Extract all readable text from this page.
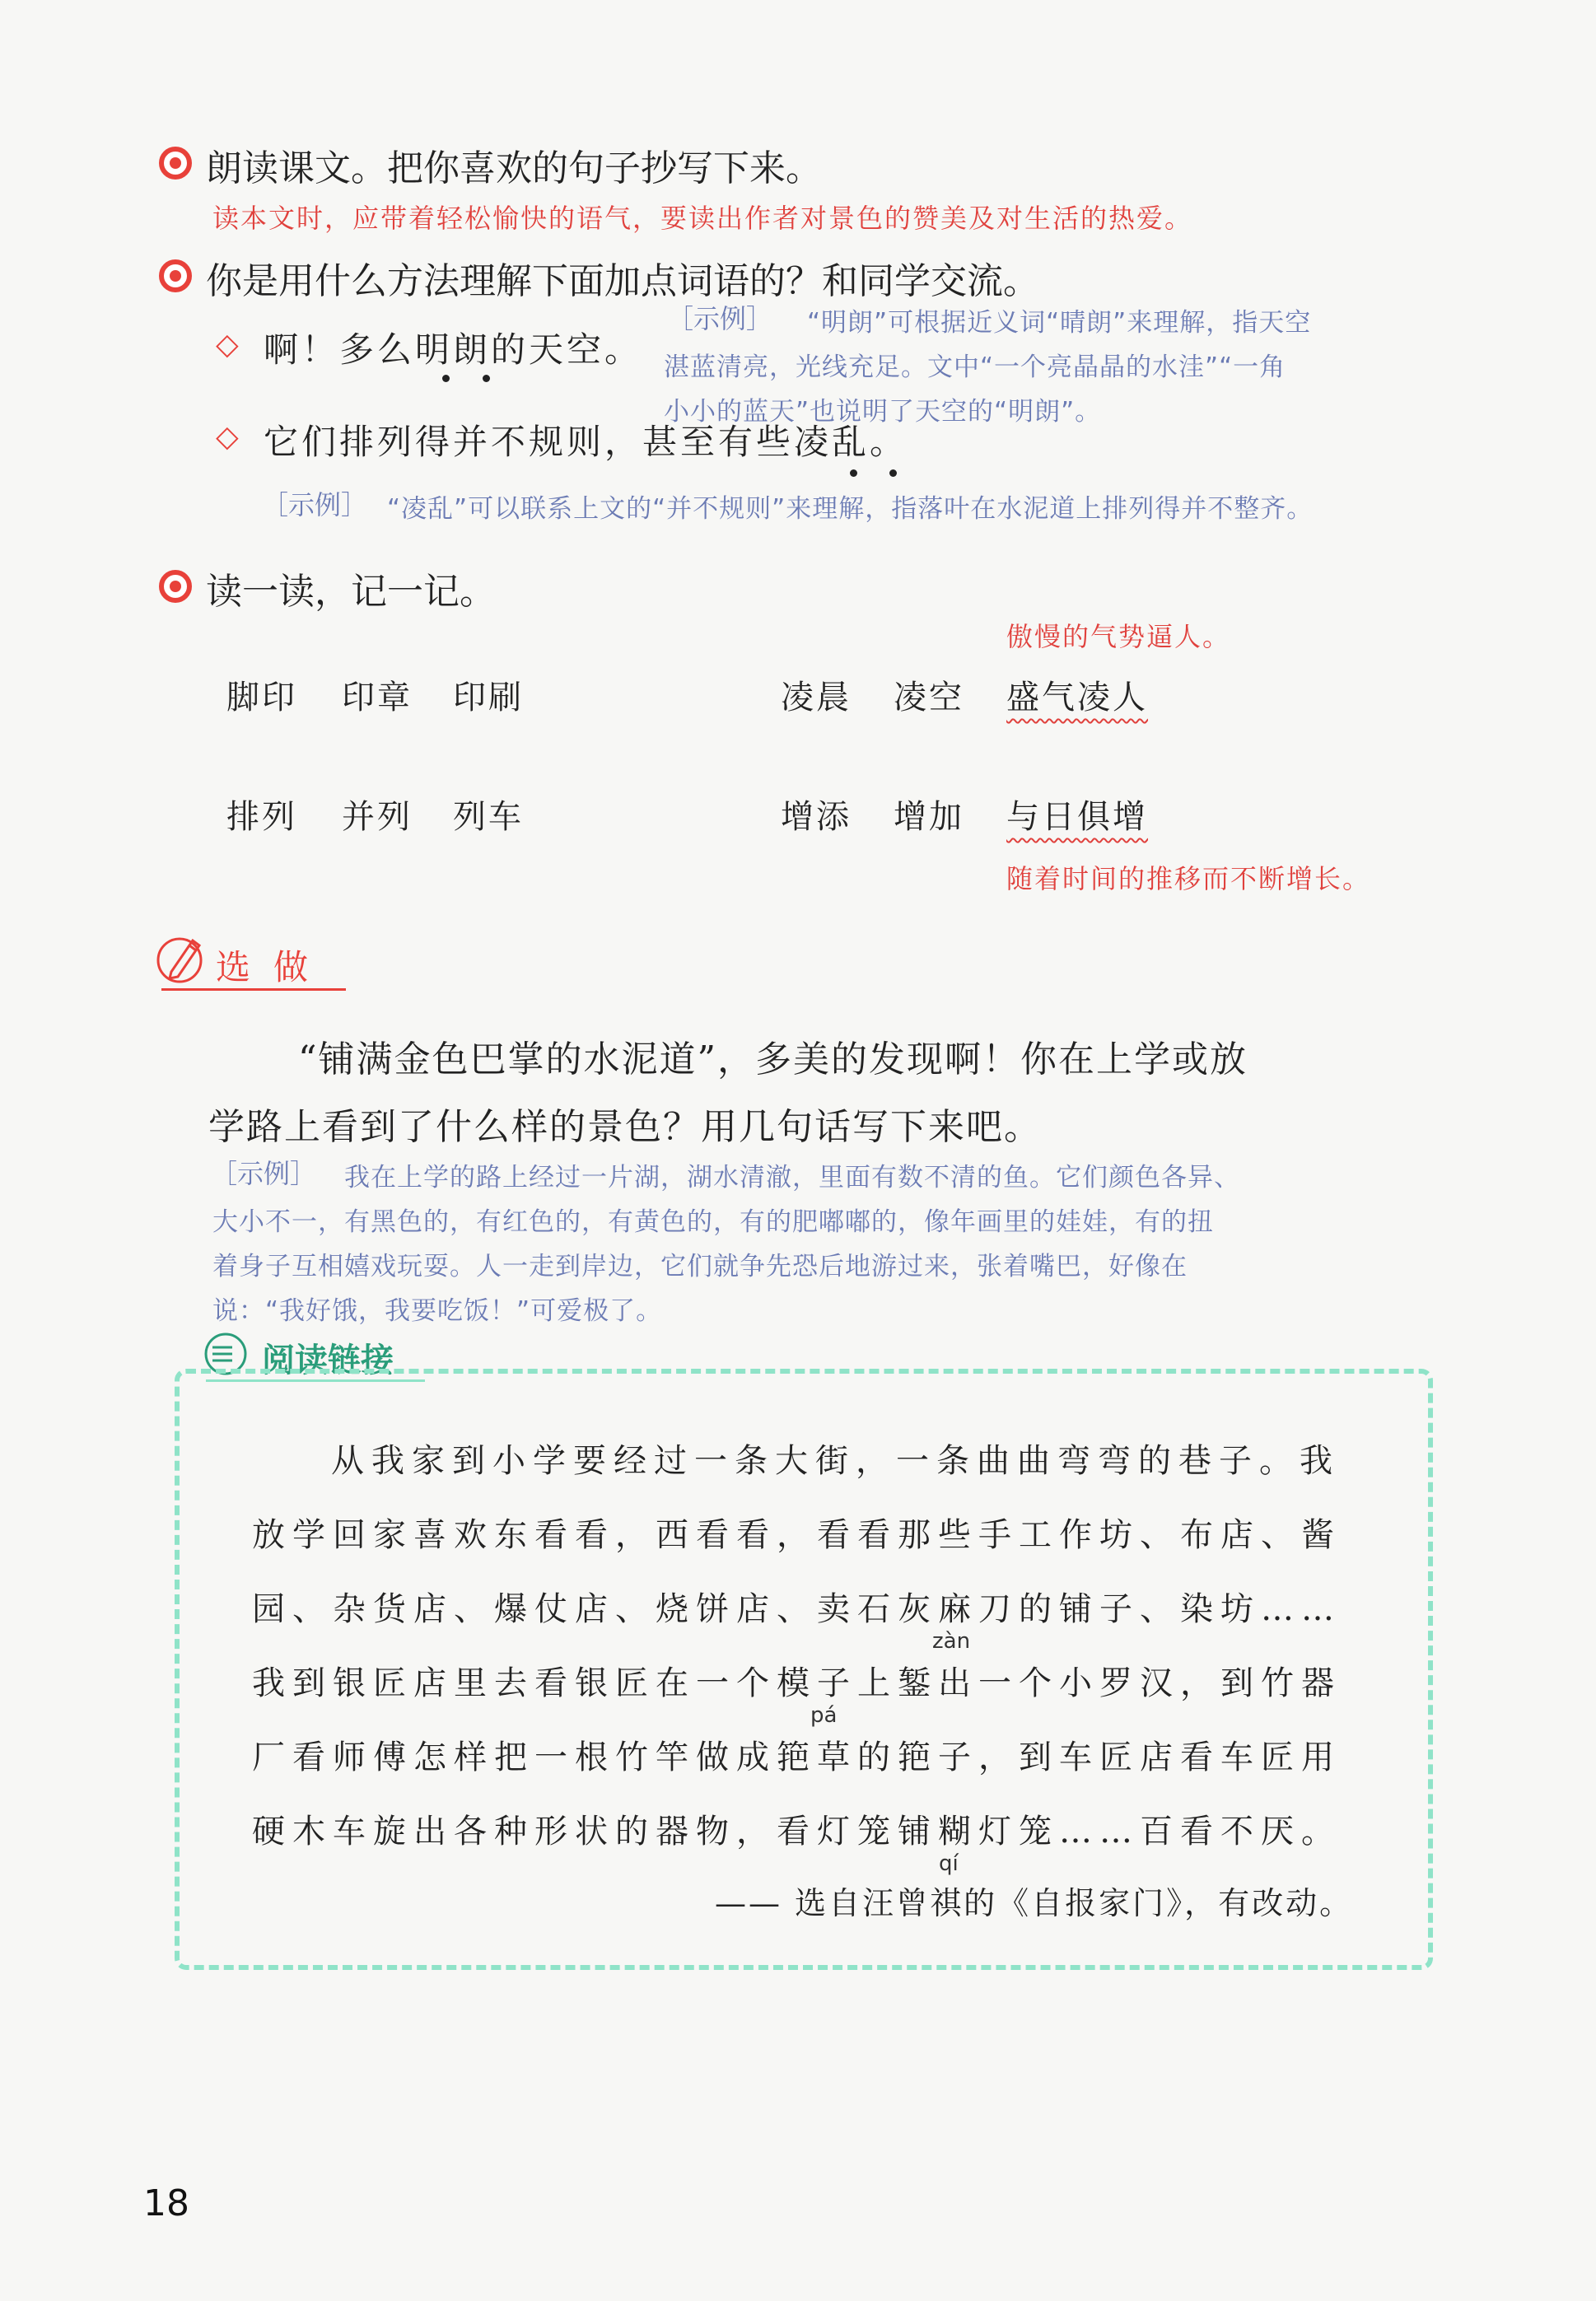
朗读课文。把你喜欢的句子抄写下来。
读本文时，应带着轻松愉快的语气，要读出作者对景色的赞美及对生活的热爱。
你是用什么方法理解下面加点词语的？和同学交流。
◇ 啊！多么明朗的天空。
［示例］ “明朗”可根据近义词“晴朗”来理解，指天空
湛蓝清亮，光线充足。文中“一个亮晶晶的水洼”“一角
小小的蓝天”也说明了天空的“明朗”。
◇ 它们排列得并不规则，甚至有些凌乱。
［示例］ “凌乱”可以联系上文的“并不规则”来理解，指落叶在水泥道上排列得并不整齐。
读一读，记一记。
傲慢的气势逼人。
脚印 印章 印刷	凌晨 凌空 盛气凌人
排列 并列 列车	增添 增加 与日俱增
随着时间的推移而不断增长。
选做
“铺满金色巴掌的水泥道”，多美的发现啊！你在上学或放
学路上看到了什么样的景色？用几句话写下来吧。
［示例］ 我在上学的路上经过一片湖，湖水清澈，里面有数不清的鱼。它们颜色各异、
大小不一，有黑色的，有红色的，有黄色的，有的肥嘟嘟的，像年画里的娃娃，有的扭
着身子互相嬉戏玩耍。人一走到岸边，它们就争先恐后地游过来，张着嘴巴，好像在
说：“我好饿，我要吃饭！”可爱极了。
阅读链接
从我家到小学要经过一条大街，一条曲曲弯弯的巷子。我
放学回家喜欢东看看，西看看，看看那些手工作坊、布店、酱
园、杂货店、爆仗店、烧饼店、卖石灰麻刀的铺子、染坊……
zàn
我到银匠店里去看银匠在一个模子上錾出一个小罗汉，到竹器
pá
厂看师傅怎样把一根竹竿做成筢草的筢子，到车匠店看车匠用
硬木车旋出各种形状的器物，看灯笼铺糊灯笼……百看不厌。
qí
—— 选自汪曾祺的《自报家门》，有改动。
18
